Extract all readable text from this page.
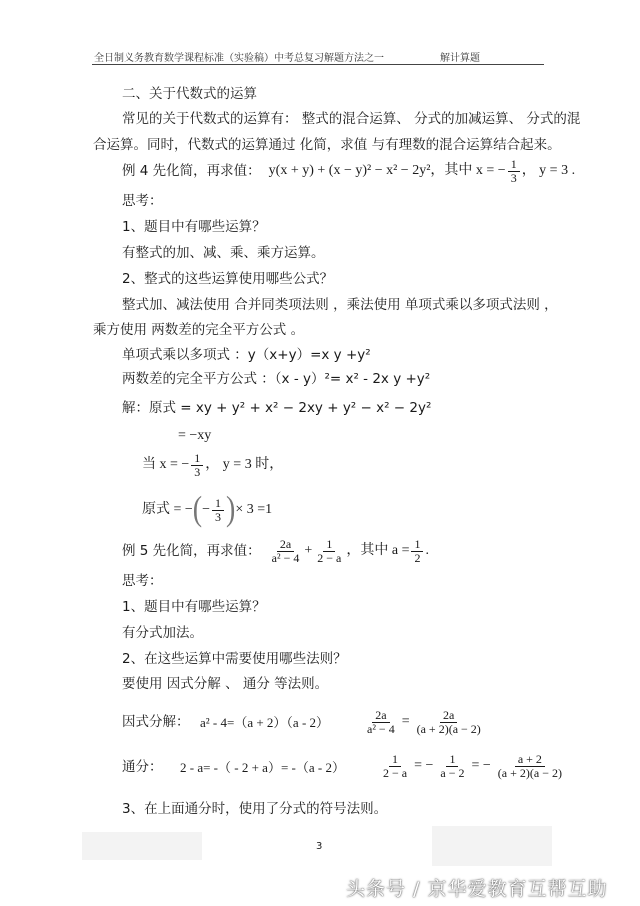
全日制义务教育数学课程标准（实验稿）中考总复习解题方法之一	解计算题
二、关于代数式的运算
常见的关于代数式的运算有： 整式的混合运算、 分式的加减运算、 分式的混
合运算。同时，代数式的运算通过 化简，求值 与有理数的混合运算结合起来。
例 4 先化简，再求值： y(x + y) + (x − y)² − x² − 2y² ，其中 x = − $\frac{1}{3}$ ， y = 3 .
思考：
1、题目中有哪些运算？
有整式的加、减、乘、乘方运算。
2、整式的这些运算使用哪些公式？
整式加、减法使用 合并同类项法则 ，乘法使用 单项式乘以多项式法则 ，
乘方使用 两数差的完全平方公式 。
单项式乘以多项式 ：y（x+y）=x y +y²
两数差的完全平方公式 ：（x - y）²= x² - 2x y +y²
解：原式 = xy + y² + x² − 2xy + y² − x² − 2y²
= −xy
当 x = − $\frac{1}{3}$ ， y = 3 时，
原式 = − ( − $\frac{1}{3}$ ) × 3 =1
例 5 先化简，再求值： $\frac{2a}{\text{a² − 4}} + \frac{1}{2 - a}$ ，其中 $a = \frac{1}{2}$ .
思考：
1、题目中有哪些运算？
有分式加法。
2、在这些运算中需要使用哪些法则？
要使用 因式分解 、 通分 等法则。
因式分解： a² - 4=（a + 2）（a - 2）	$\frac{2a}{\text{a² − 4}} = \frac{2a}{(a + 2)(a - 2)}$
通分： 2 - a= -（ - 2 + a）= -（a - 2）	$\frac{1}{2 - a}$ = − $\frac{1}{a - 2}$ = − $\frac{a + 2}{(a + 2)(a - 2)}$
3、在上面通分时，使用了分式的符号法则。
3
头条号 / 京华爱教育互帮互助
